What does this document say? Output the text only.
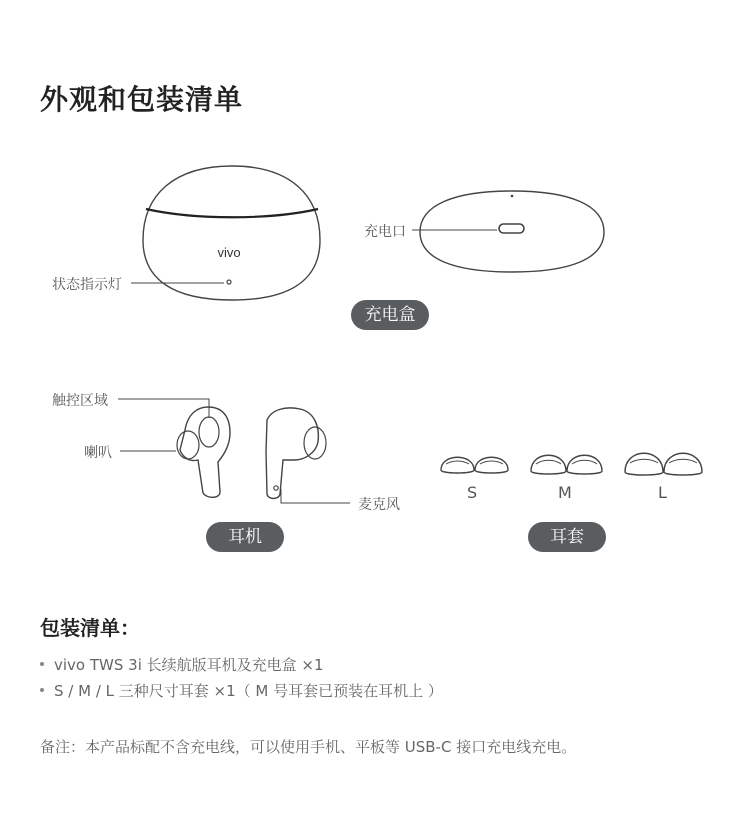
外观和包装清单
vivo
状态指示灯
充电口
触控区域
喇叭
麦克风
S	M	L
充电盒
耳机	耳套
包装清单：
vivo TWS 3i 长续航版耳机及充电盒 ×1
S / M / L 三种尺寸耳套 ×1（ M 号耳套已预装在耳机上 ）
备注：本产品标配不含充电线，可以使用手机、平板等 USB-C 接口充电线充电。
